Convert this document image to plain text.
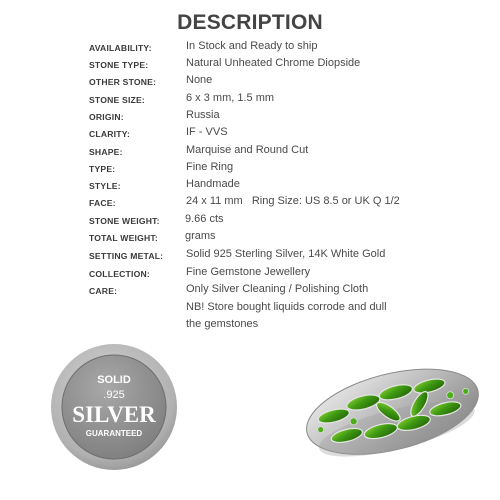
DESCRIPTION
AVAILABILITY:	In Stock and Ready to ship
STONE TYPE:	Natural Unheated Chrome Diopside
OTHER STONE:	None
STONE SIZE:	6 x 3 mm, 1.5 mm
ORIGIN:	Russia
CLARITY:	IF - VVS
SHAPE:	Marquise and Round Cut
TYPE:	Fine Ring
STYLE:	Handmade
FACE:	24 x 11 mm   Ring Size: US 8.5 or UK Q 1/2
STONE WEIGHT: 9.66 cts
TOTAL WEIGHT: grams
SETTING METAL: Solid 925 Sterling Silver, 14K White Gold
COLLECTION:	Fine Gemstone Jewellery
CARE:	Only Silver Cleaning / Polishing Cloth
NB! Store bought liquids corrode and dull
the gemstones
SOLID
.925
SILVER
GUARANTEED
